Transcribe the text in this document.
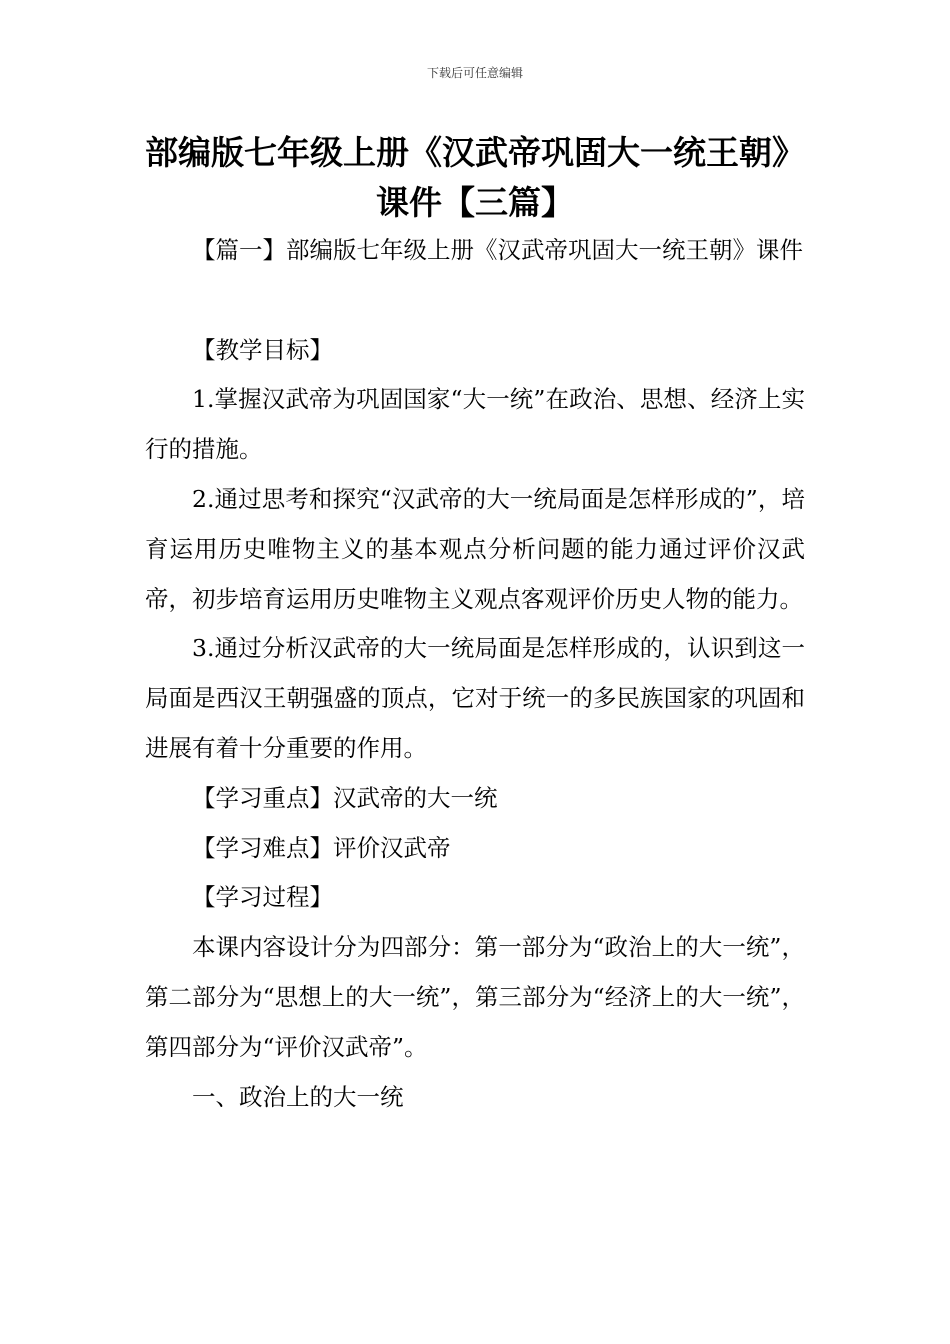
下载后可任意编辑
部编版七年级上册《汉武帝巩固大一统王朝》课件【三篇】

【篇一】部编版七年级上册《汉武帝巩固大一统王朝》课件

【教学目标】

1.掌握汉武帝为巩固国家“大一统”在政治、思想、经济上实行的措施。

2.通过思考和探究“汉武帝的大一统局面是怎样形成的”，培育运用历史唯物主义的基本观点分析问题的能力通过评价汉武帝，初步培育运用历史唯物主义观点客观评价历史人物的能力。

3.通过分析汉武帝的大一统局面是怎样形成的，认识到这一局面是西汉王朝强盛的顶点，它对于统一的多民族国家的巩固和进展有着十分重要的作用。

【学习重点】汉武帝的大一统

【学习难点】评价汉武帝

【学习过程】

本课内容设计分为四部分：第一部分为“政治上的大一统”，第二部分为“思想上的大一统”，第三部分为“经济上的大一统”，第四部分为“评价汉武帝”。

一、政治上的大一统
